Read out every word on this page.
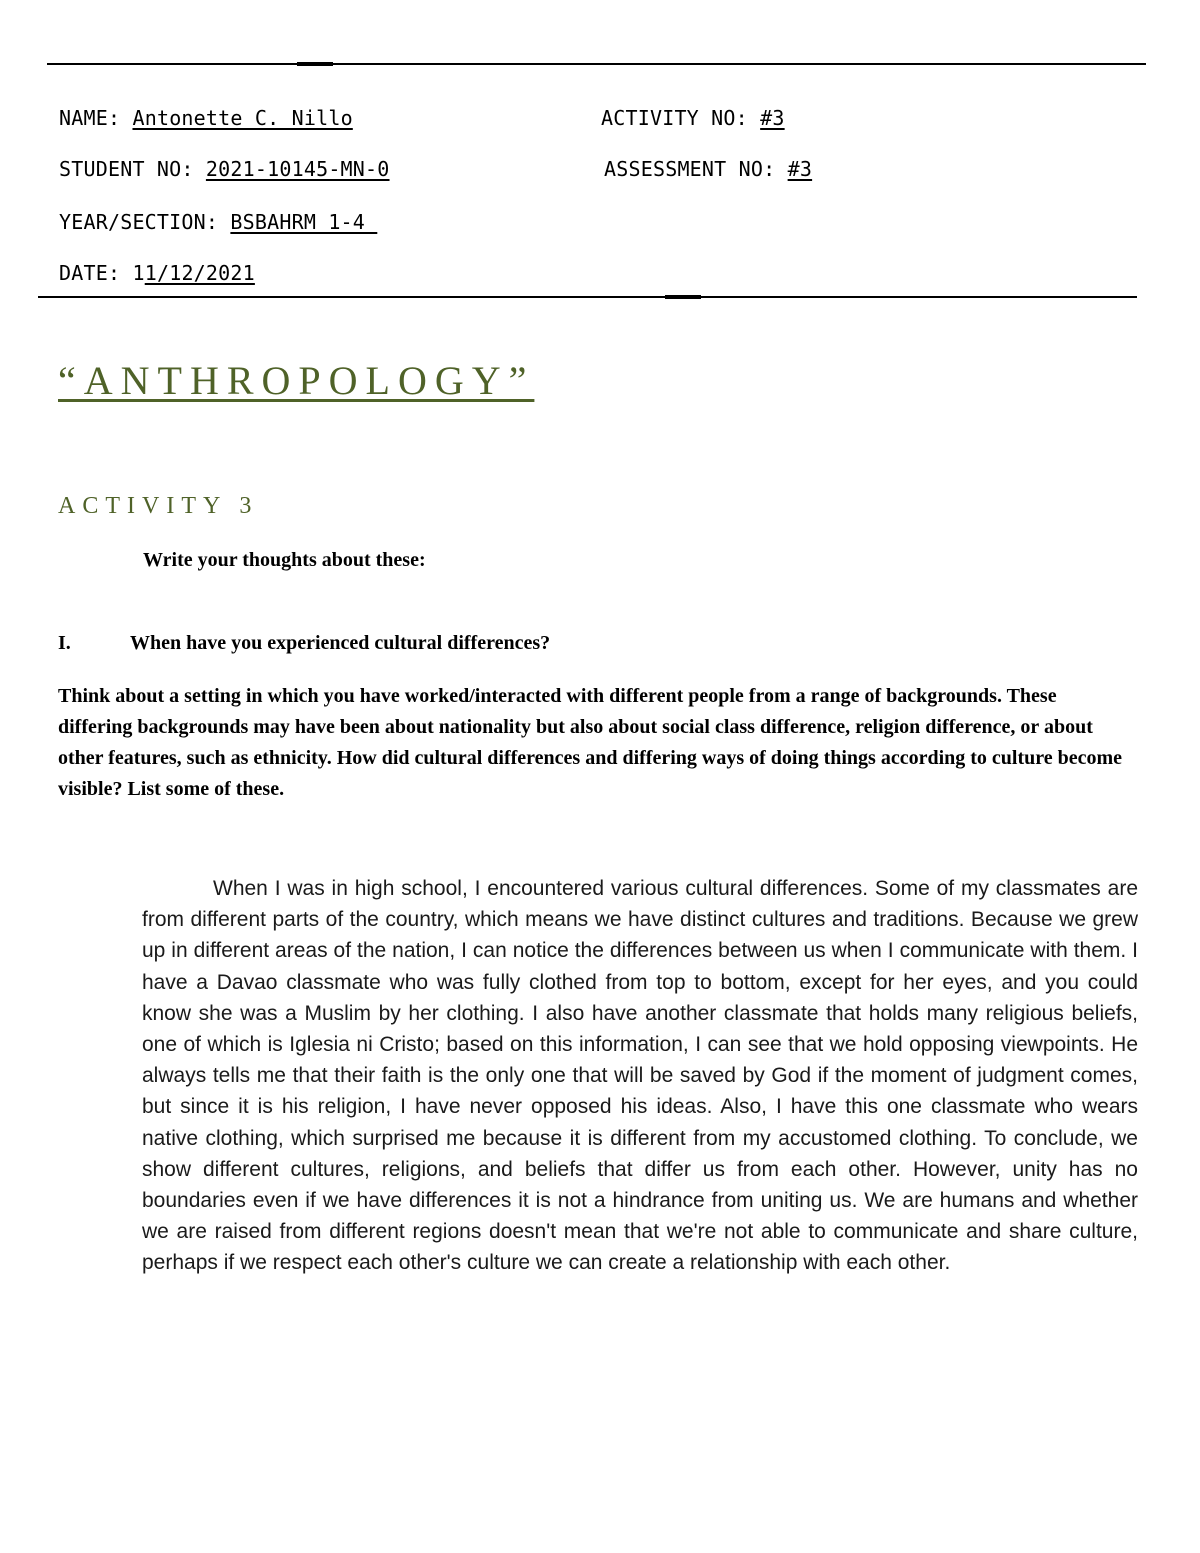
NAME: Antonette C. Nillo	ACTIVITY NO: #3
STUDENT NO: 2021-10145-MN-0	ASSESSMENT NO: #3
YEAR/SECTION: BSBAHRM 1-4
DATE: 11/12/2021
“ANTHROPOLOGY”
ACTIVITY 3
Write your thoughts about these:
I.	When have you experienced cultural differences?

Think about a setting in which you have worked/interacted with different people from a range of backgrounds. These differing backgrounds may have been about nationality but also about social class difference, religion difference, or about other features, such as ethnicity. How did cultural differences and differing ways of doing things according to culture become visible? List some of these.

When I was in high school, I encountered various cultural differences. Some of my classmates are from different parts of the country, which means we have distinct cultures and traditions. Because we grew up in different areas of the nation, I can notice the differences between us when I communicate with them. I have a Davao classmate who was fully clothed from top to bottom, except for her eyes, and you could know she was a Muslim by her clothing. I also have another classmate that holds many religious beliefs, one of which is Iglesia ni Cristo; based on this information, I can see that we hold opposing viewpoints. He always tells me that their faith is the only one that will be saved by God if the moment of judgment comes, but since it is his religion, I have never opposed his ideas. Also, I have this one classmate who wears native clothing, which surprised me because it is different from my accustomed clothing. To conclude, we show different cultures, religions, and beliefs that differ us from each other. However, unity has no boundaries even if we have differences it is not a hindrance from uniting us. We are humans and whether we are raised from different regions doesn't mean that we're not able to communicate and share culture, perhaps if we respect each other's culture we can create a relationship with each other.
